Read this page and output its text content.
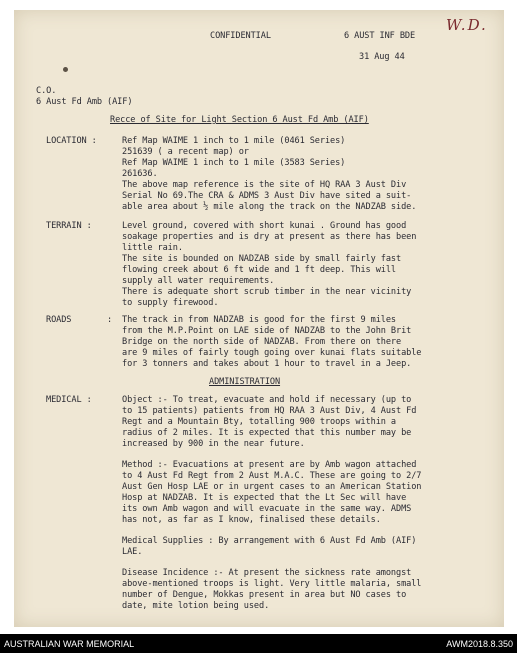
CONFIDENTIAL	6 AUST INF BDE
W.D.
31 Aug 44
C.O.
6 Aust Fd Amb (AIF)
Recce of Site for Light Section 6 Aust Fd Amb (AIF)
LOCATION :	Ref Map WAIME 1 inch to 1 mile (0461 Series)
251639 ( a recent map) or
Ref Map WAIME 1 inch to 1 mile (3583 Series)
261636.
The above map reference is the site of HQ RAA 3 Aust Div
Serial No 69.The CRA & ADMS 3 Aust Div have sited a suit-
able area about ½ mile along the track on the NADZAB side.
TERRAIN :	Level ground, covered with short kunai . Ground has good
soakage properties and is dry at present as there has been
little rain.
The site is bounded on NADZAB side by small fairly fast
flowing creek about 6 ft wide and 1 ft deep. This will
supply all water requirements.
There is adequate short scrub timber in the near vicinity
to supply firewood.
ROADS	: The track in from NADZAB is good for the first 9 miles
from the M.P.Point on LAE side of NADZAB to the John Brit
Bridge on the north side of NADZAB. From there on there
are 9 miles of fairly tough going over kunai flats suitable
for 3 tonners and takes about 1 hour to travel in a Jeep.
ADMINISTRATION
MEDICAL :	Object :- To treat, evacuate and hold if necessary (up to
to 15 patients) patients from HQ RAA 3 Aust Div, 4 Aust Fd
Regt and a Mountain Bty, totalling 900 troops within a
radius of 2 miles. It is expected that this number may be
increased by 900 in the near future.
Method :- Evacuations at present are by Amb wagon attached
to 4 Aust Fd Regt from 2 Aust M.A.C. These are going to 2/7
Aust Gen Hosp LAE or in urgent cases to an American Station
Hosp at NADZAB. It is expected that the Lt Sec will have
its own Amb wagon and will evacuate in the same way. ADMS
has not, as far as I know, finalised these details.
Medical Supplies : By arrangement with 6 Aust Fd Amb (AIF)
LAE.
Disease Incidence :- At present the sickness rate amongst
above-mentioned troops is light. Very little malaria, small
number of Dengue, Mokkas present in area but NO cases to
date, mite lotion being used.
AUSTRALIAN WAR MEMORIAL	AWM2018.8.350
